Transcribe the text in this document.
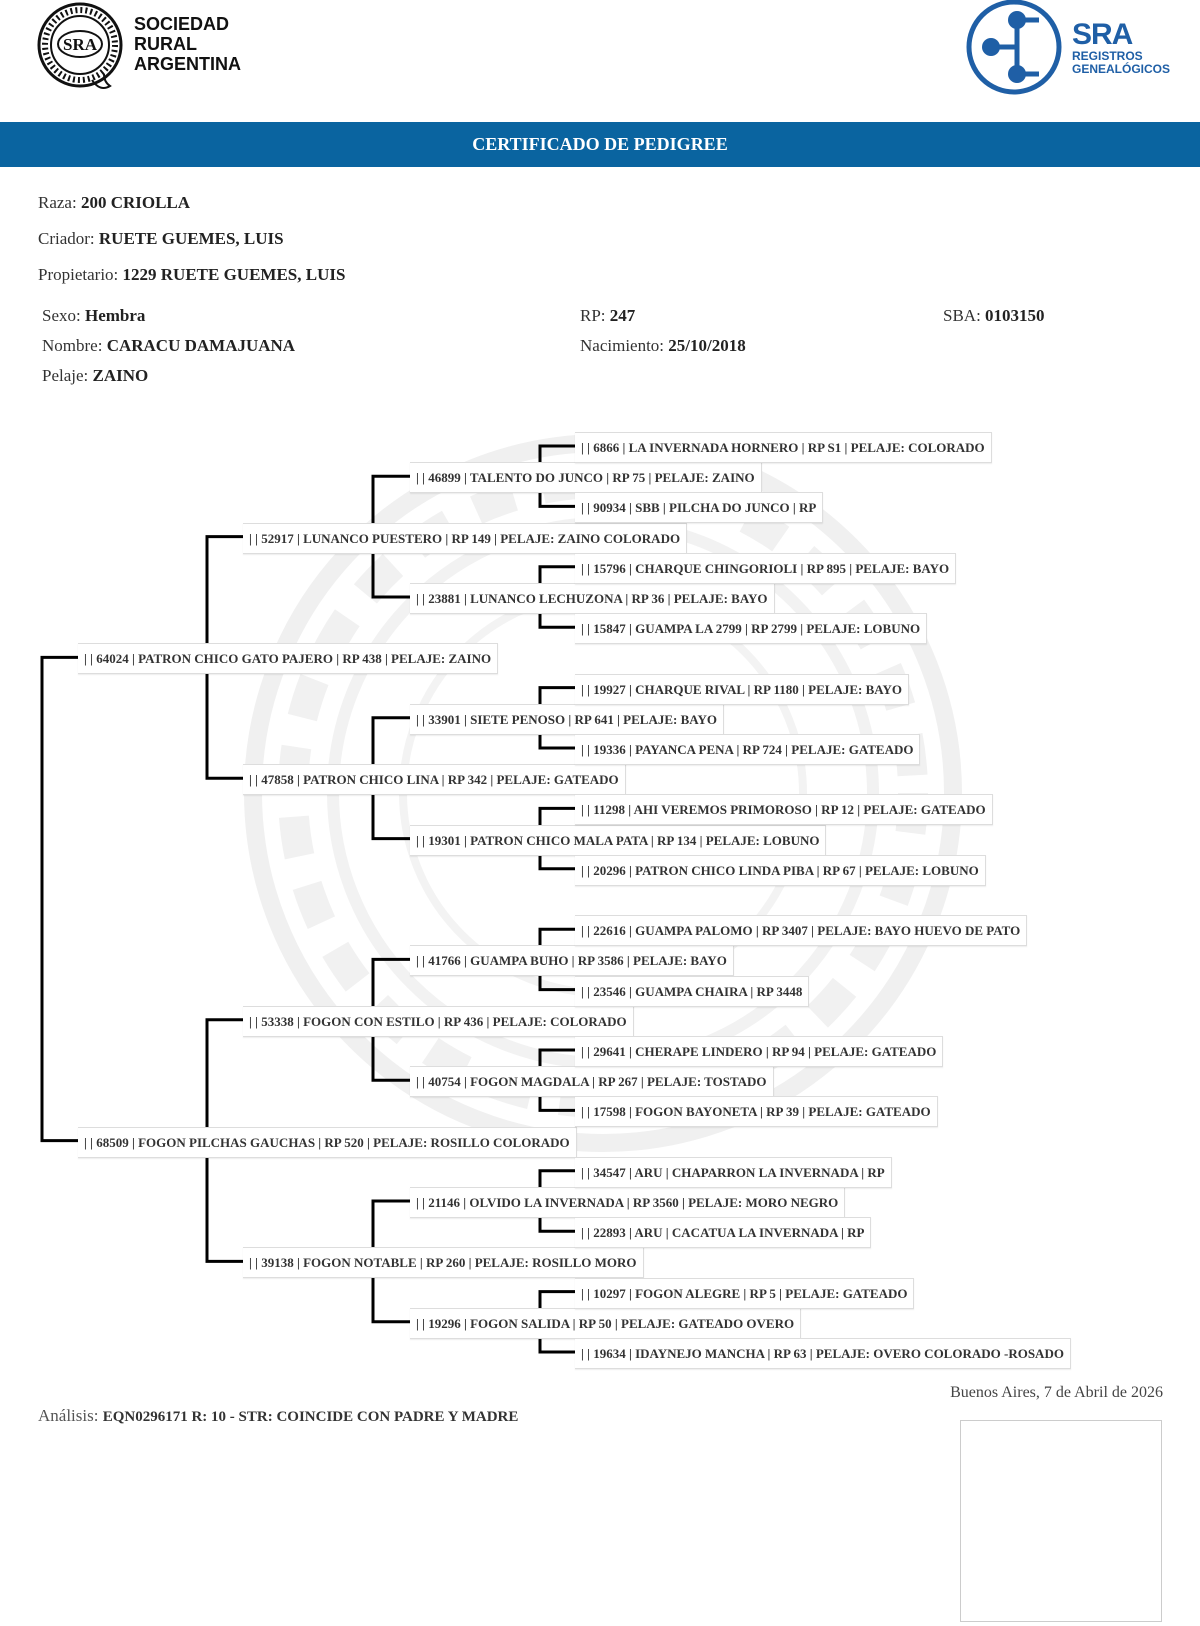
SRA
SOCIEDAD
RURAL
ARGENTINA
SRA
REGISTROS
GENEALÓGICOS
CERTIFICADO DE PEDIGREE
Raza: 200 CRIOLLA
Criador: RUETE GUEMES, LUIS
Propietario: 1229 RUETE GUEMES, LUIS
Sexo: Hembra	RP: 247	SBA: 0103150
Nombre: CARACU DAMAJUANA	Nacimiento: 25/10/2018
Pelaje: ZAINO
| | 64024 | PATRON CHICO GATO PAJERO | RP 438 | PELAJE: ZAINO
| | 52917 | LUNANCO PUESTERO | RP 149 | PELAJE: ZAINO COLORADO
| | 46899 | TALENTO DO JUNCO | RP 75 | PELAJE: ZAINO
| | 6866 | LA INVERNADA HORNERO | RP S1 | PELAJE: COLORADO
| | 90934 | SBB | PILCHA DO JUNCO | RP
| | 23881 | LUNANCO LECHUZONA | RP 36 | PELAJE: BAYO
| | 15796 | CHARQUE CHINGORIOLI | RP 895 | PELAJE: BAYO
| | 15847 | GUAMPA LA 2799 | RP 2799 | PELAJE: LOBUNO
| | 47858 | PATRON CHICO LINA | RP 342 | PELAJE: GATEADO
| | 33901 | SIETE PENOSO | RP 641 | PELAJE: BAYO
| | 19927 | CHARQUE RIVAL | RP 1180 | PELAJE: BAYO
| | 19336 | PAYANCA PENA | RP 724 | PELAJE: GATEADO
| | 19301 | PATRON CHICO MALA PATA | RP 134 | PELAJE: LOBUNO
| | 11298 | AHI VEREMOS PRIMOROSO | RP 12 | PELAJE: GATEADO
| | 20296 | PATRON CHICO LINDA PIBA | RP 67 | PELAJE: LOBUNO
| | 68509 | FOGON PILCHAS GAUCHAS | RP 520 | PELAJE: ROSILLO COLORADO
| | 53338 | FOGON CON ESTILO | RP 436 | PELAJE: COLORADO
| | 41766 | GUAMPA BUHO | RP 3586 | PELAJE: BAYO
| | 22616 | GUAMPA PALOMO | RP 3407 | PELAJE: BAYO HUEVO DE PATO
| | 23546 | GUAMPA CHAIRA | RP 3448
| | 40754 | FOGON MAGDALA | RP 267 | PELAJE: TOSTADO
| | 29641 | CHERAPE LINDERO | RP 94 | PELAJE: GATEADO
| | 17598 | FOGON BAYONETA | RP 39 | PELAJE: GATEADO
| | 39138 | FOGON NOTABLE | RP 260 | PELAJE: ROSILLO MORO
| | 21146 | OLVIDO LA INVERNADA | RP 3560 | PELAJE: MORO NEGRO
| | 34547 | ARU | CHAPARRON LA INVERNADA | RP
| | 22893 | ARU | CACATUA LA INVERNADA | RP
| | 19296 | FOGON SALIDA | RP 50 | PELAJE: GATEADO OVERO
| | 10297 | FOGON ALEGRE | RP 5 | PELAJE: GATEADO
| | 19634 | IDAYNEJO MANCHA | RP 63 | PELAJE: OVERO COLORADO -ROSADO
Buenos Aires, 7 de Abril de 2026
Análisis: EQN0296171 R: 10 - STR: COINCIDE CON PADRE Y MADRE
